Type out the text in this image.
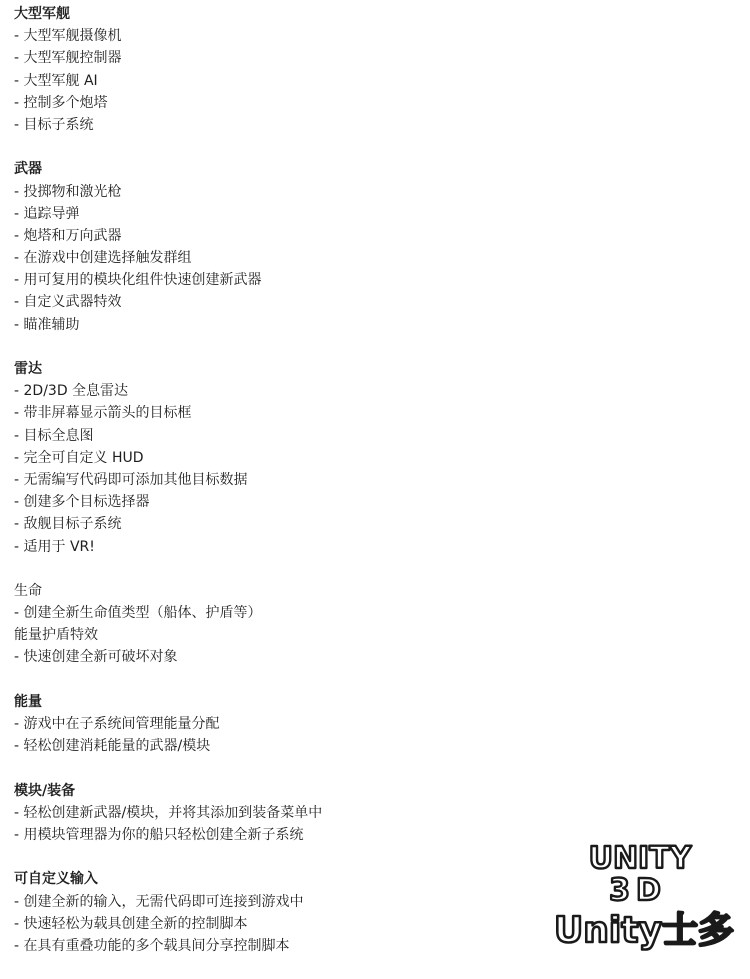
大型军舰
- 大型军舰摄像机
- 大型军舰控制器
- 大型军舰 AI
- 控制多个炮塔
- 目标子系统
武器
- 投掷物和激光枪
- 追踪导弹
- 炮塔和万向武器
- 在游戏中创建选择触发群组
- 用可复用的模块化组件快速创建新武器
- 自定义武器特效
- 瞄准辅助
雷达
- 2D/3D 全息雷达
- 带非屏幕显示箭头的目标框
- 目标全息图
- 完全可自定义 HUD
- 无需编写代码即可添加其他目标数据
- 创建多个目标选择器
- 敌舰目标子系统
- 适用于 VR!
生命
- 创建全新生命值类型（船体、护盾等）
能量护盾特效
- 快速创建全新可破坏对象
能量
- 游戏中在子系统间管理能量分配
- 轻松创建消耗能量的武器/模块
模块/装备
- 轻松创建新武器/模块，并将其添加到装备菜单中
- 用模块管理器为你的船只轻松创建全新子系统
可自定义输入
- 创建全新的输入，无需代码即可连接到游戏中
- 快速轻松为载具创建全新的控制脚本
- 在具有重叠功能的多个载具间分享控制脚本
UNITY
3D
Unity士多
